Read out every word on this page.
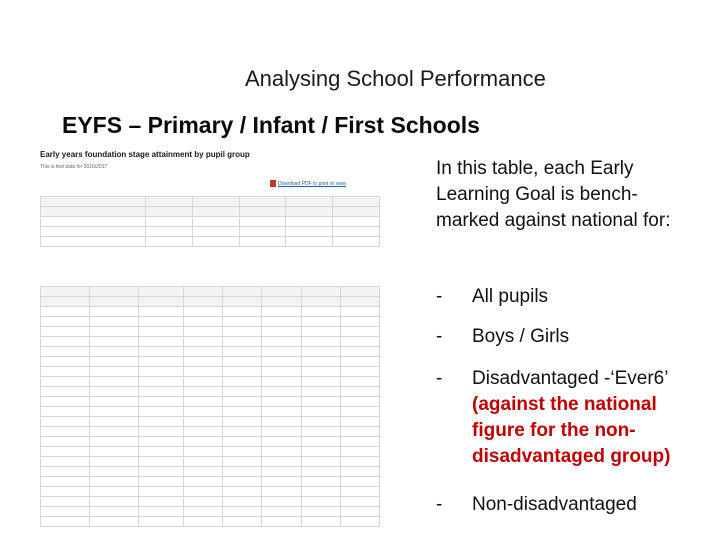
Analysing School Performance
EYFS – Primary / Infant / First Schools
Early years foundation stage attainment by pupil group
This is test data for 2016/2017
Download PDF to print or save

In this table, each Early Learning Goal is bench-marked against national for:
- All pupils
- Boys / Girls
- Disadvantaged -‘Ever6’
(against the national figure for the non-disadvantaged group)
- Non-disadvantaged
